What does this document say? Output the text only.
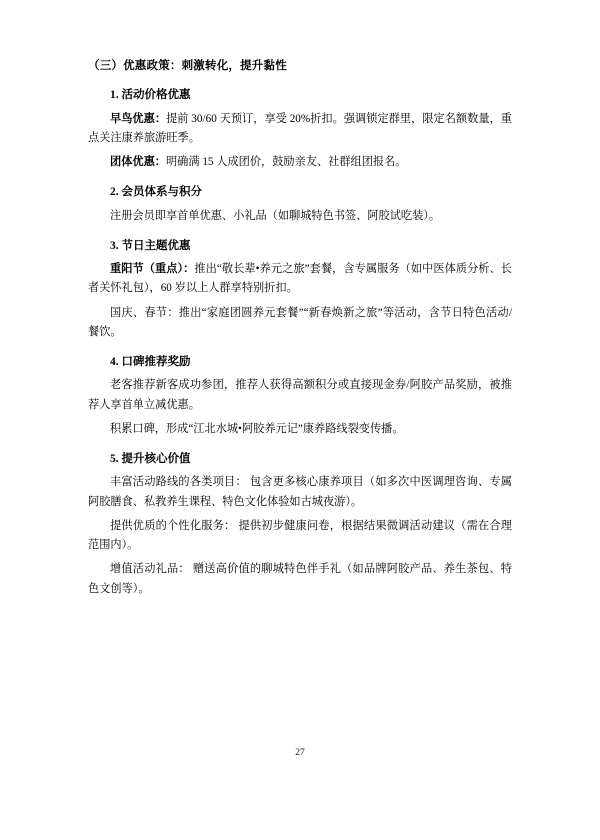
（三）优惠政策：刺激转化，提升黏性
1. 活动价格优惠
早鸟优惠：提前 30/60 天预订，享受 20%折扣。强调锁定群里，限定名额数量，重点关注康养旅游旺季。
团体优惠：明确满 15 人成团价，鼓励亲友、社群组团报名。
2. 会员体系与积分
注册会员即享首单优惠、小礼品（如聊城特色书签、阿胶试吃装）。
3. 节日主题优惠
重阳节（重点）：推出“敬长辈•养元之旅”套餐，含专属服务（如中医体质分析、长者关怀礼包），60 岁以上人群享特别折扣。
国庆、春节：推出“家庭团圆养元套餐”“新春焕新之旅”等活动，含节日特色活动/餐饮。
4. 口碑推荐奖励
老客推荐新客成功参团，推荐人获得高额积分或直接现金券/阿胶产品奖励，被推荐人享首单立减优惠。
积累口碑，形成“江北水城•阿胶养元记”康养路线裂变传播。
5. 提升核心价值
丰富活动路线的各类项目： 包含更多核心康养项目（如多次中医调理咨询、专属阿胶膳食、私教养生课程、特色文化体验如古城夜游）。
提供优质的个性化服务： 提供初步健康问卷，根据结果微调活动建议（需在合理范围内）。
增值活动礼品： 赠送高价值的聊城特色伴手礼（如品牌阿胶产品、养生茶包、特色文创等）。
27
